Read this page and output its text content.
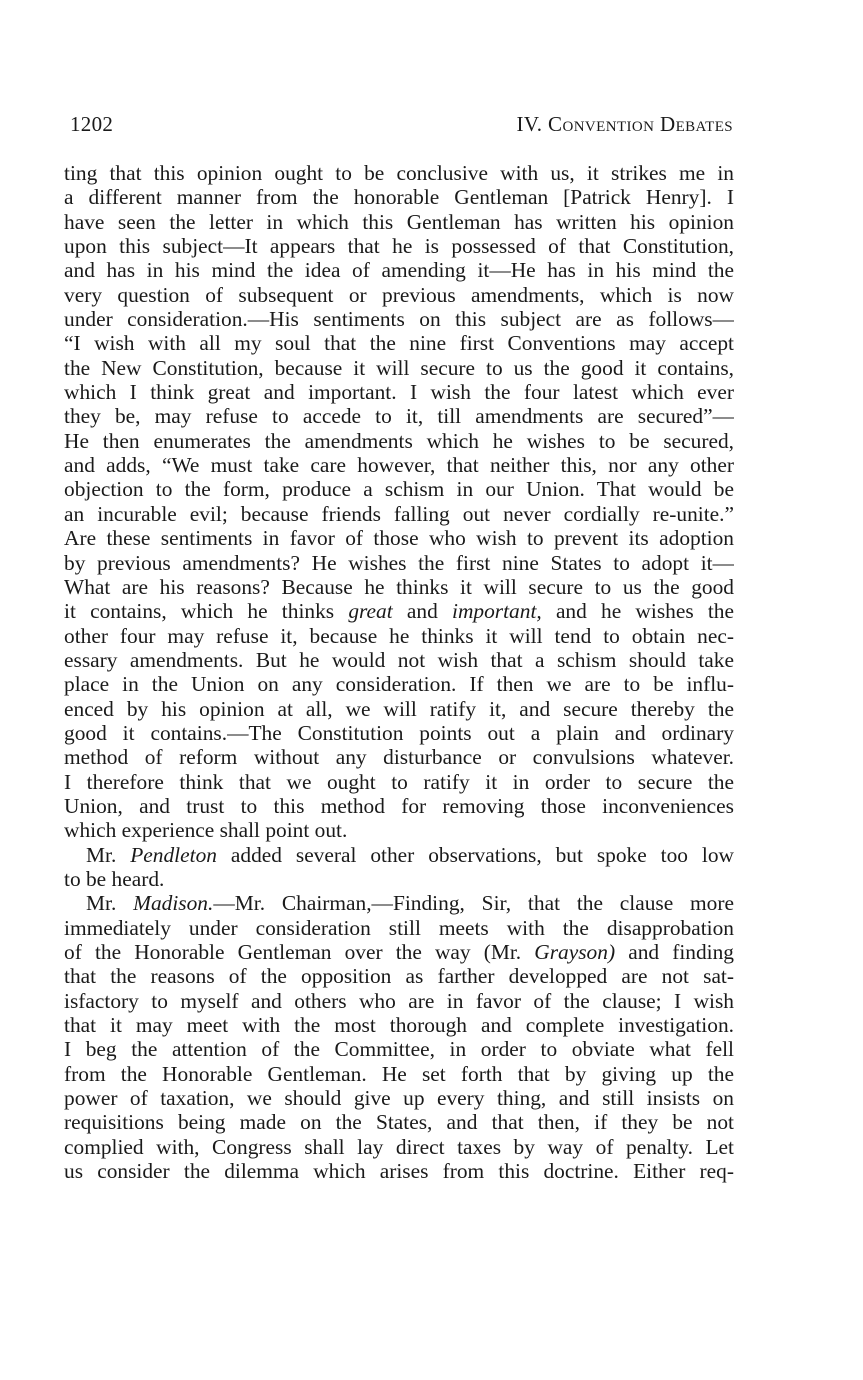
1202	IV. Convention Debates
ting that this opinion ought to be conclusive with us, it strikes me in
a different manner from the honorable Gentleman [Patrick Henry]. I
have seen the letter in which this Gentleman has written his opinion
upon this subject—It appears that he is possessed of that Constitution,
and has in his mind the idea of amending it—He has in his mind the
very question of subsequent or previous amendments, which is now
under consideration.—His sentiments on this subject are as follows—
“I wish with all my soul that the nine first Conventions may accept
the New Constitution, because it will secure to us the good it contains,
which I think great and important. I wish the four latest which ever
they be, may refuse to accede to it, till amendments are secured”—
He then enumerates the amendments which he wishes to be secured,
and adds, “We must take care however, that neither this, nor any other
objection to the form, produce a schism in our Union. That would be
an incurable evil; because friends falling out never cordially re-unite.”
Are these sentiments in favor of those who wish to prevent its adoption
by previous amendments? He wishes the first nine States to adopt it—
What are his reasons? Because he thinks it will secure to us the good
it contains, which he thinks great and important, and he wishes the
other four may refuse it, because he thinks it will tend to obtain nec-
essary amendments. But he would not wish that a schism should take
place in the Union on any consideration. If then we are to be influ-
enced by his opinion at all, we will ratify it, and secure thereby the
good it contains.—The Constitution points out a plain and ordinary
method of reform without any disturbance or convulsions whatever.
I therefore think that we ought to ratify it in order to secure the
Union, and trust to this method for removing those inconveniences
which experience shall point out.
Mr. Pendleton added several other observations, but spoke too low
to be heard.
Mr. Madison.—Mr. Chairman,—Finding, Sir, that the clause more
immediately under consideration still meets with the disapprobation
of the Honorable Gentleman over the way (Mr. Grayson) and finding
that the reasons of the opposition as farther developped are not sat-
isfactory to myself and others who are in favor of the clause; I wish
that it may meet with the most thorough and complete investigation.
I beg the attention of the Committee, in order to obviate what fell
from the Honorable Gentleman. He set forth that by giving up the
power of taxation, we should give up every thing, and still insists on
requisitions being made on the States, and that then, if they be not
complied with, Congress shall lay direct taxes by way of penalty. Let
us consider the dilemma which arises from this doctrine. Either req-
